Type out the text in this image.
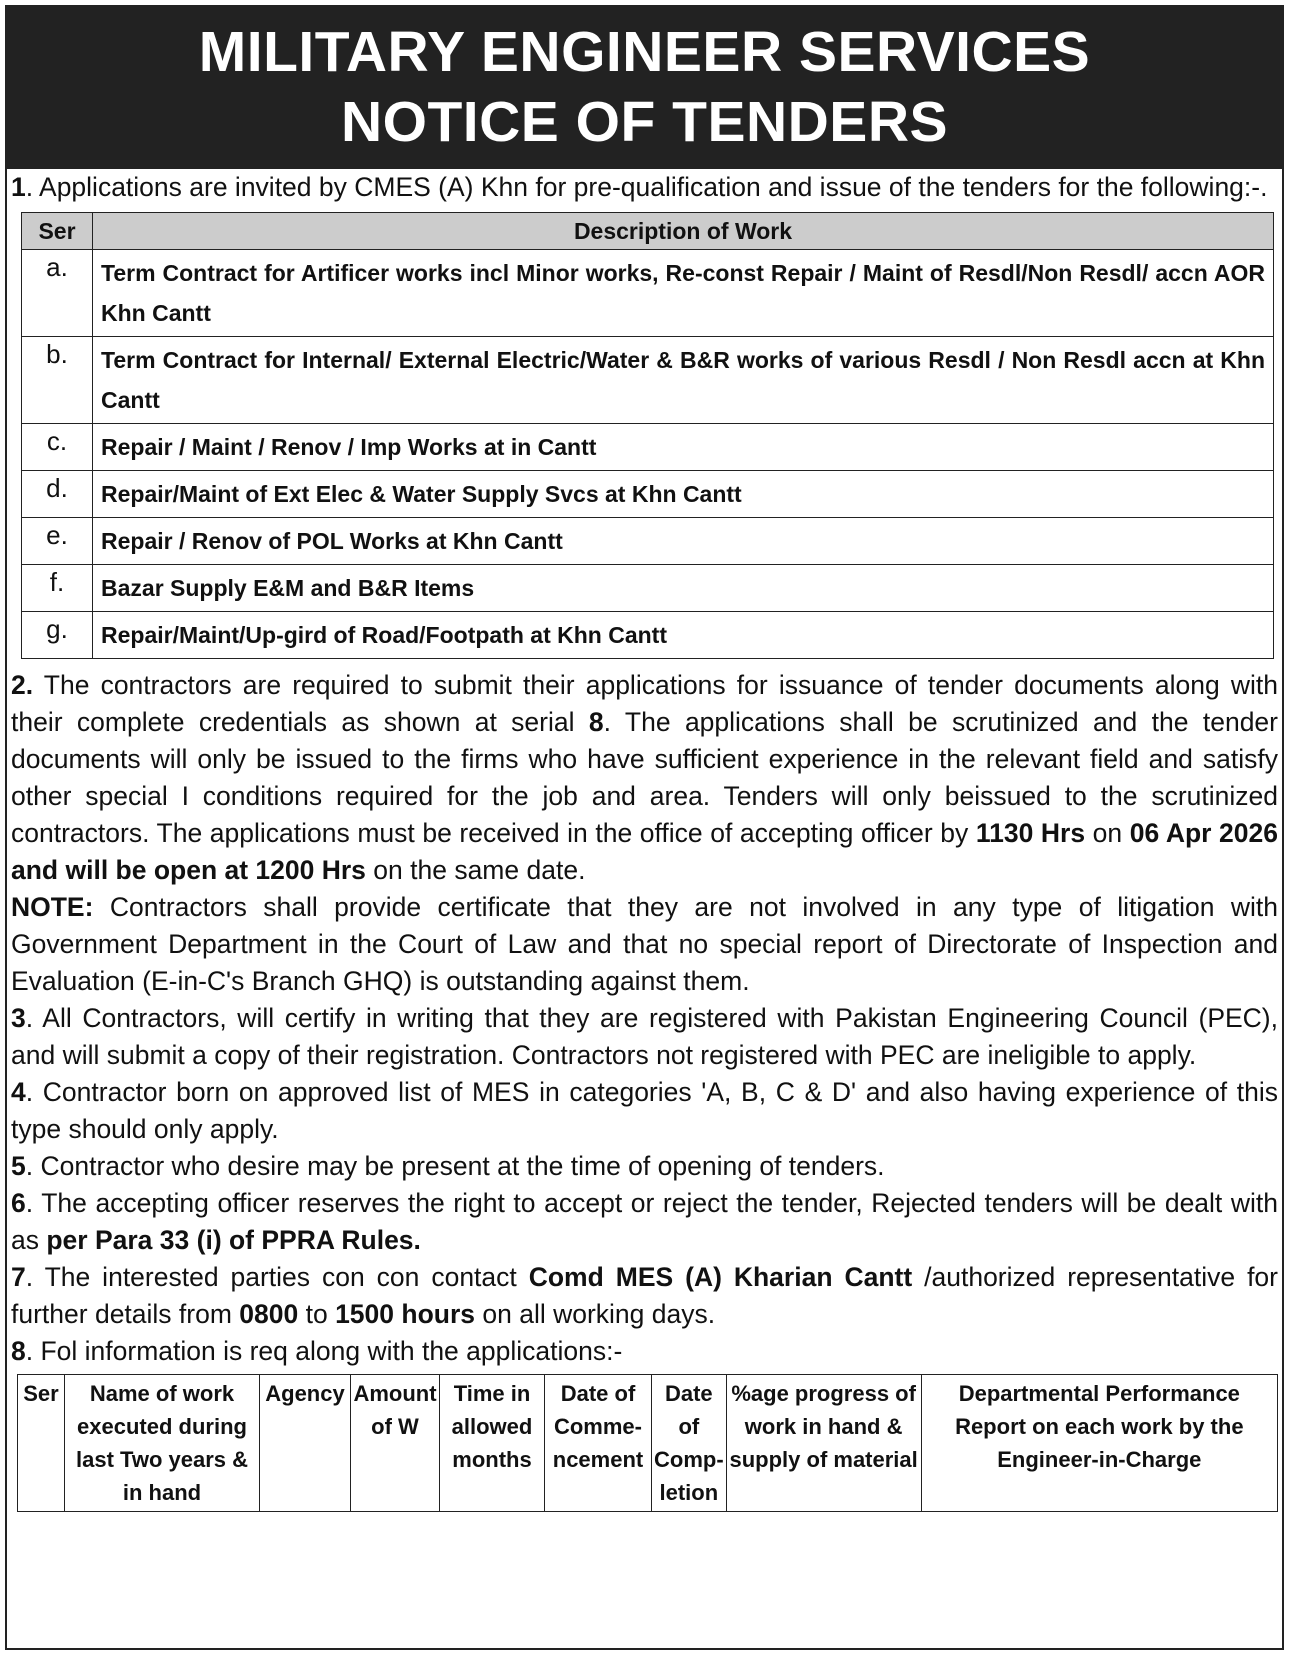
MILITARY ENGINEER SERVICES
NOTICE OF TENDERS

1. Applications are invited by CMES (A) Khn for pre-qualification and issue of the tenders for the following:-.

Ser	Description of Work
a.	Term Contract for Artificer works incl Minor works, Re-const Repair / Maint of Resdl/Non Resdl/ accn AOR Khn Cantt
b.	Term Contract for Internal/ External Electric/Water & B&R works of various Resdl / Non Resdl accn at Khn Cantt
c.	Repair / Maint / Renov / Imp Works at in Cantt
d.	Repair/Maint of Ext Elec & Water Supply Svcs at Khn Cantt
e.	Repair / Renov of POL Works at Khn Cantt
f.	Bazar Supply E&M and B&R Items
g.	Repair/Maint/Up-gird of Road/Footpath at Khn Cantt

2. The contractors are required to submit their applications for issuance of tender documents along with their complete credentials as shown at serial 8. The applications shall be scrutinized and the tender documents will only be issued to the firms who have sufficient experience in the relevant field and satisfy other special I conditions required for the job and area. Tenders will only beissued to the scrutinized contractors. The applications must be received in the office of accepting officer by 1130 Hrs on 06 Apr 2026 and will be open at 1200 Hrs on the same date.

NOTE: Contractors shall provide certificate that they are not involved in any type of litigation with Government Department in the Court of Law and that no special report of Directorate of Inspection and Evaluation (E-in-C's Branch GHQ) is outstanding against them.

3. All Contractors, will certify in writing that they are registered with Pakistan Engineering Council (PEC), and will submit a copy of their registration. Contractors not registered with PEC are ineligible to apply.

4. Contractor born on approved list of MES in categories 'A, B, C & D' and also having experience of this type should only apply.

5. Contractor who desire may be present at the time of opening of tenders.

6. The accepting officer reserves the right to accept or reject the tender, Rejected tenders will be dealt with as per Para 33 (i) of PPRA Rules.

7. The interested parties con con contact Comd MES (A) Kharian Cantt /authorized representative for further details from 0800 to 1500 hours on all working days.

8. Fol information is req along with the applications:-

Ser	Name of work executed during last Two years & in hand	Agency	Amount of W	Time in allowed months	Date of Comme-ncement	Date of Comp-letion	%age progress of work in hand & supply of material	Departmental Performance Report on each work by the Engineer-in-Charge
